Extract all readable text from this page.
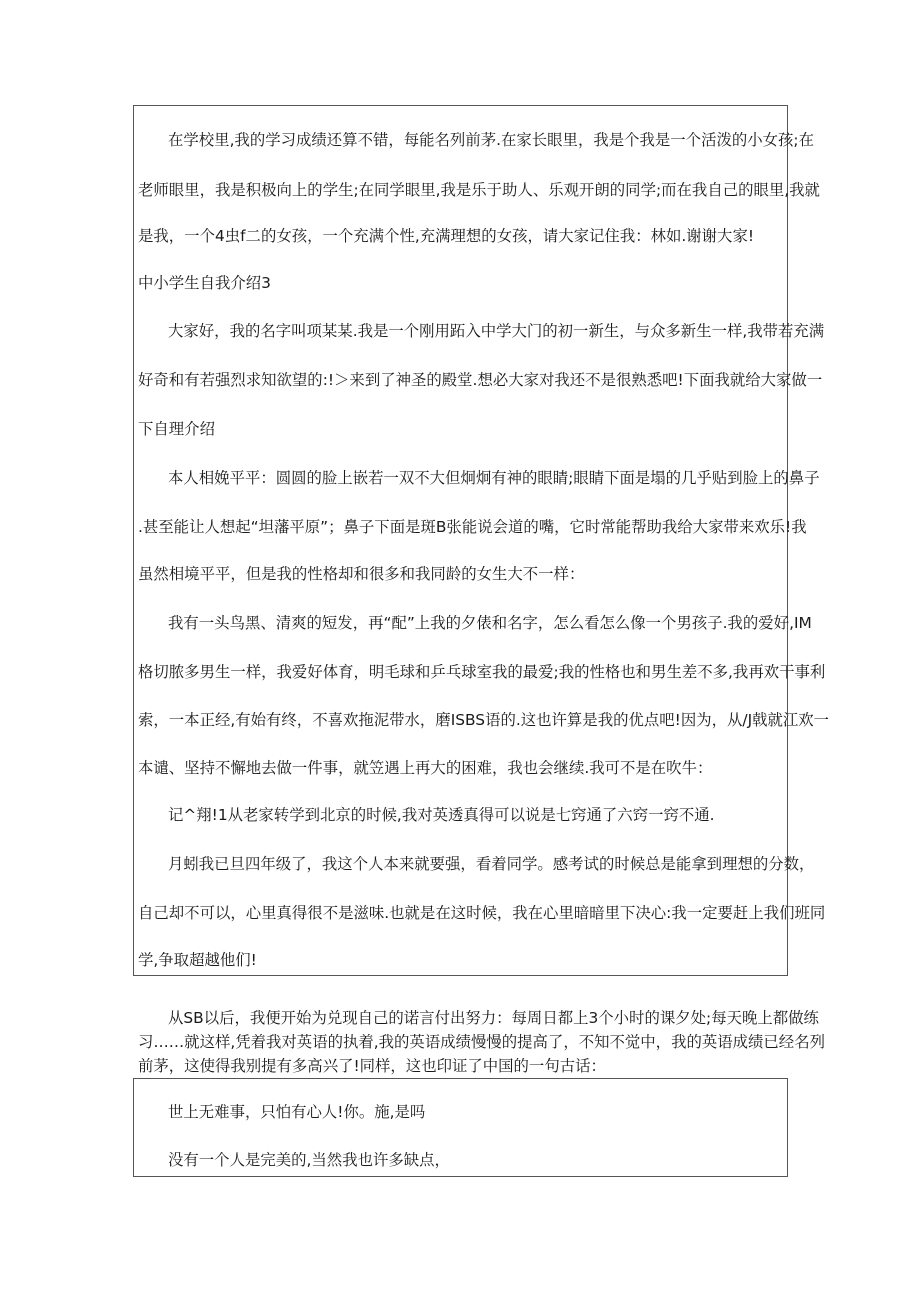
在学校里,我的学习成绩还算不错，每能名列前茅.在家长眼里，我是个我是一个活泼的小女孩;在
老师眼里，我是积极向上的学生;在同学眼里,我是乐于助人、乐观开朗的同学;而在我自己的眼里,我就
是我，一个4虫f二的女孩，一个充满个性,充满理想的女孩，请大家记住我：林如.谢谢大家!
中小学生自我介绍3
大家好，我的名字叫项某某.我是一个刚用跖入中学大门的初一新生，与众多新生一样,我带若充满
好奇和有若强烈求知欲望的:!＞来到了神圣的殿堂.想必大家对我还不是很熟悉吧!下面我就给大家做一
下自理介绍
本人相娩平平：圆圆的脸上嵌若一双不大但炯炯有神的眼睛;眼睛下面是塌的几乎贴到脸上的鼻子
.甚至能让人想起“坦藩平原”；鼻子下面是斑B张能说会道的嘴，它时常能帮助我给大家带来欢乐!我
虽然相境平平，但是我的性格却和很多和我同龄的女生大不一样：
我有一头鸟黑、清爽的短发，再“配”上我的夕俵和名字，怎么看怎么像一个男孩子.我的爱好,IM
格切脓多男生一样，我爱好体育，明毛球和乒乓球室我的最爱;我的性格也和男生差不多,我再欢干事利
索，一本正经,有始有终，不喜欢拖泥带水，磨ISBS语的.这也许算是我的优点吧!因为，从/J戟就江欢一
本谴、坚持不懈地去做一件事，就笠遇上再大的困难，我也会继续.我可不是在吹牛：
记^翔!1从老家转学到北京的时候,我对英透真得可以说是七窍通了六窍一窍不通.
月蚓我已旦四年级了，我这个人本来就要强，看着同学。感考试的时候总是能拿到理想的分数，
自己却不可以，心里真得很不是滋味.也就是在这时候，我在心里暗暗里下决心:我一定要赶上我们班同
学,争取超越他们!
从SB以后，我便开始为兑现自己的诺言付出努力：每周日都上3个小时的课夕处;每天晚上都做练
习……就这样,凭着我对英语的执着,我的英语成绩慢慢的提高了，不知不觉中，我的英语成绩已经名列
前茅，这使得我别提有多高兴了!同样，这也印证了中国的一句古话：
世上无难事，只怕有心人!你。施,是吗
没有一个人是完美的,当然我也许多缺点，
